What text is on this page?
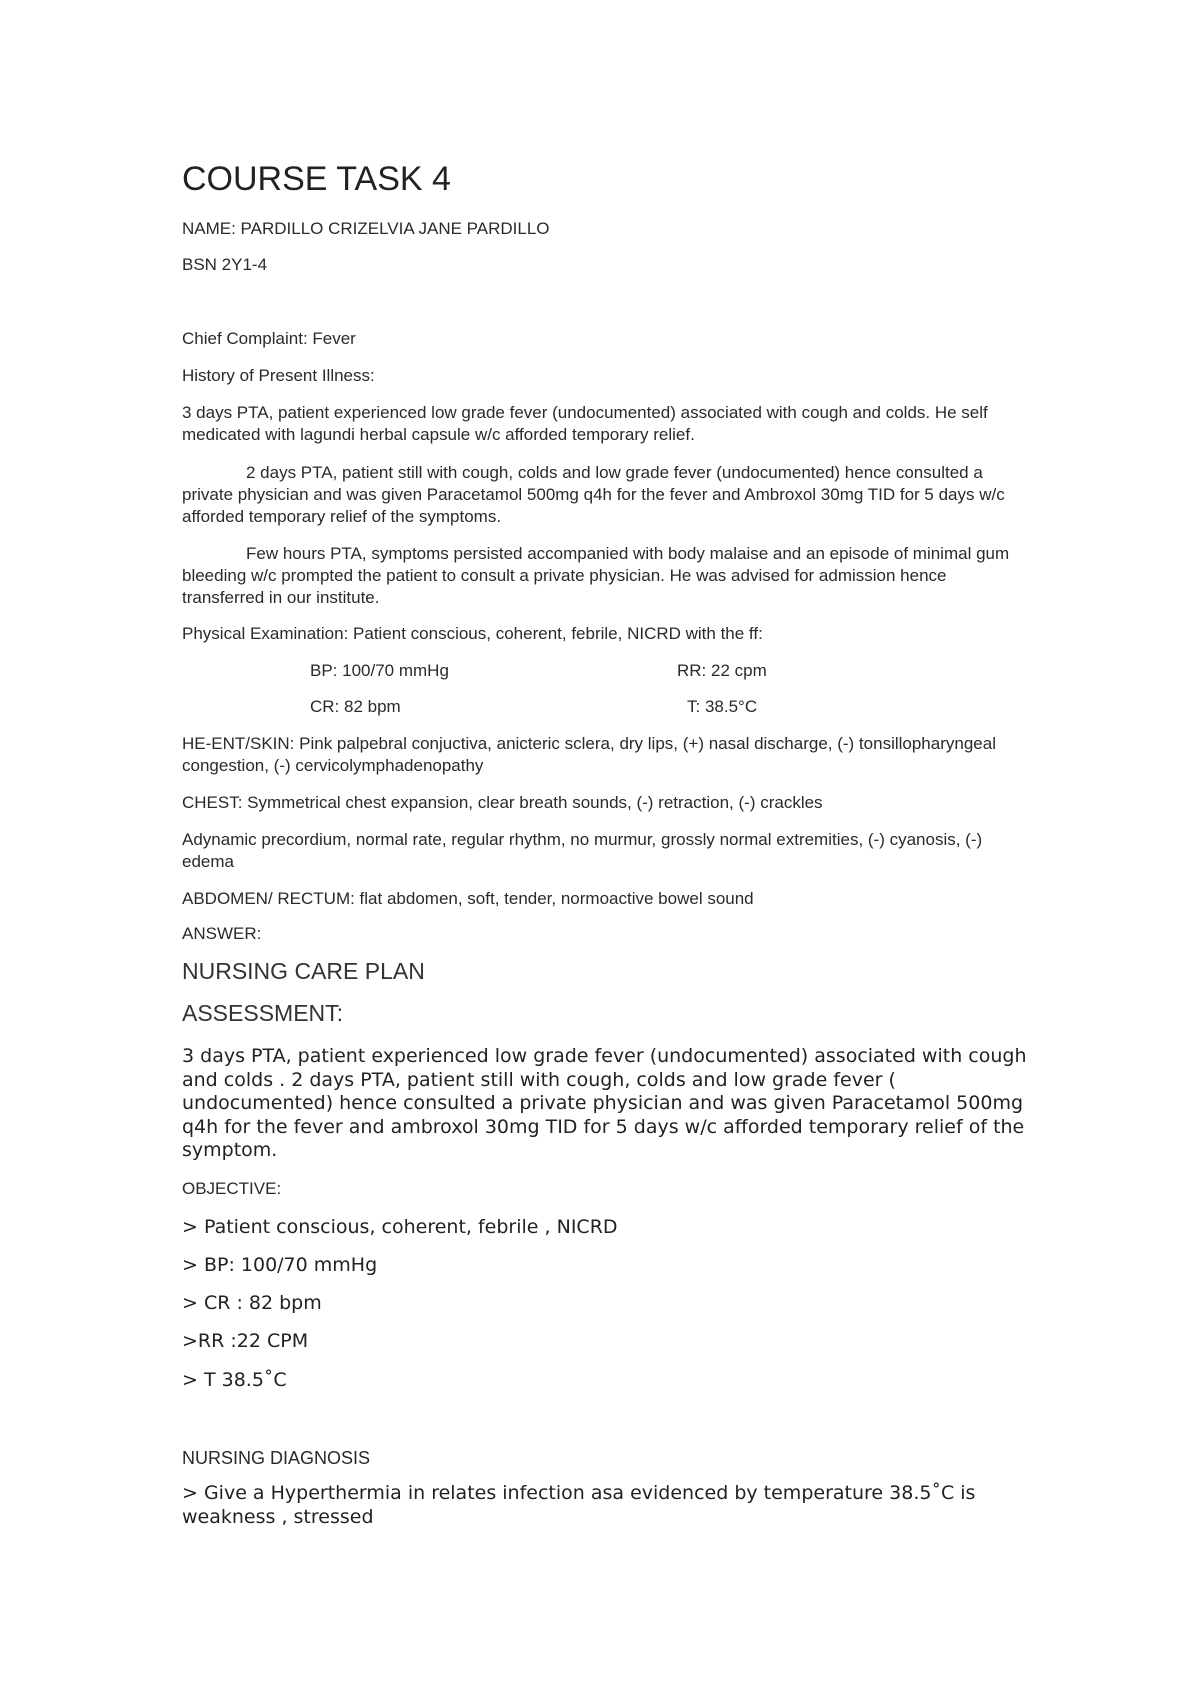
COURSE TASK 4
NAME: PARDILLO CRIZELVIA JANE PARDILLO
BSN 2Y1-4
Chief Complaint: Fever
History of Present Illness:
3 days PTA, patient experienced low grade fever (undocumented) associated with cough and colds. He self medicated with lagundi herbal capsule w/c afforded temporary relief.
2 days PTA, patient still with cough, colds and low grade fever (undocumented) hence consulted a private physician and was given Paracetamol 500mg q4h for the fever and Ambroxol 30mg TID for 5 days w/c afforded temporary relief of the symptoms.
Few hours PTA, symptoms persisted accompanied with body malaise and an episode of minimal gum bleeding w/c prompted the patient to consult a private physician. He was advised for admission hence transferred in our institute.
Physical Examination: Patient conscious, coherent, febrile, NICRD with the ff:
BP: 100/70 mmHg	RR: 22 cpm
CR: 82 bpm	T: 38.5°C
HE-ENT/SKIN: Pink palpebral conjuctiva, anicteric sclera, dry lips, (+) nasal discharge, (-) tonsillopharyngeal congestion, (-) cervicolymphadenopathy
CHEST: Symmetrical chest expansion, clear breath sounds, (-) retraction, (-) crackles
Adynamic precordium, normal rate, regular rhythm, no murmur, grossly normal extremities, (-) cyanosis, (-) edema
ABDOMEN/ RECTUM: flat abdomen, soft, tender, normoactive bowel sound
ANSWER:
NURSING CARE PLAN
ASSESSMENT:
3 days PTA, patient experienced low grade fever (undocumented) associated with cough and colds . 2 days PTA, patient still with cough, colds and low grade fever ( undocumented) hence consulted a private physician and was given Paracetamol 500mg q4h for the fever and ambroxol 30mg TID for 5 days w/c afforded temporary relief of the symptom.
OBJECTIVE:
> Patient conscious, coherent, febrile , NICRD
> BP: 100/70 mmHg
> CR : 82 bpm
>RR :22 CPM
> T 38.5˚C
NURSING DIAGNOSIS
> Give a Hyperthermia in relates infection asa evidenced by temperature 38.5˚C is weakness , stressed
